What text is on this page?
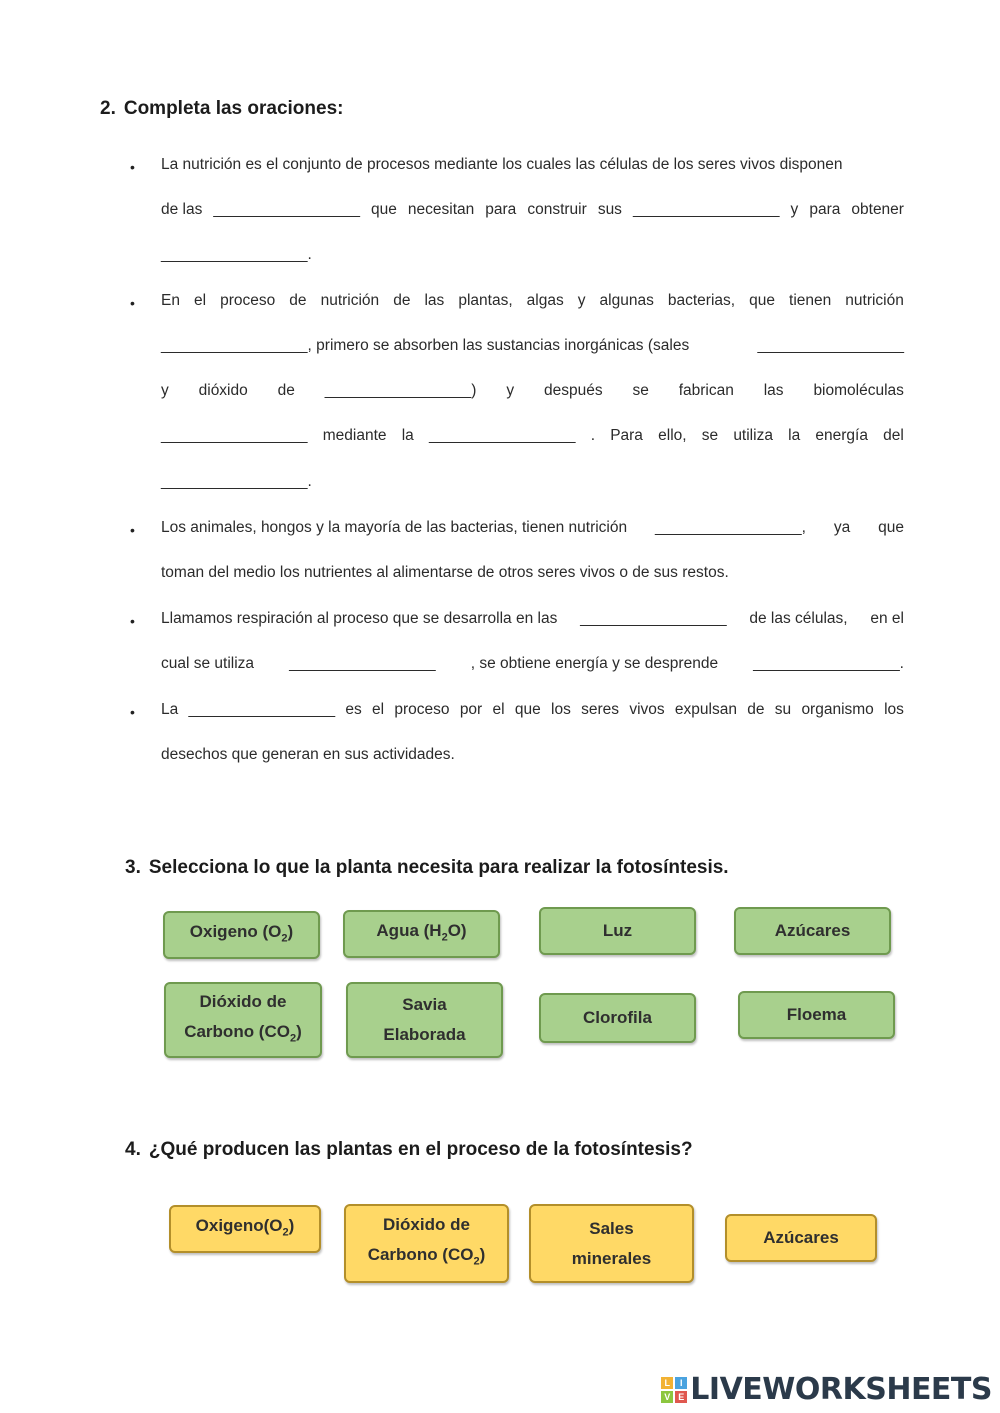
2. Completa las oraciones:
•
•
•
•
•
La nutrición es el conjunto de procesos mediante los cuales las células de los seres vivos disponen
de las _________________ que necesitan para construir sus _________________ y para obtener
_________________.
En el proceso de nutrición de las plantas, algas y algunas bacterias, que tienen nutrición
_________________, primero se absorben las sustancias inorgánicas (sales	_________________
y dióxido de _________________) y después se fabrican las biomoléculas
_________________ mediante la _________________ . Para ello, se utiliza la energía del
_________________.
Los animales, hongos y la mayoría de las bacterias, tienen nutrición _________________, ya que
toman del medio los nutrientes al alimentarse de otros seres vivos o de sus restos.
Llamamos respiración al proceso que se desarrolla en las _________________ de las células, en el
cual se utiliza _________________ , se obtiene energía y se desprende _________________.
La _________________ es el proceso por el que los seres vivos expulsan de su organismo los
desechos que generan en sus actividades.
3. Selecciona lo que la planta necesita para realizar la fotosíntesis.
Oxigeno $(O_2)$	Agua $(H_2O)$	Luz	Azúcares
Dióxido de
Carbono $(CO_2)$
Savia
Elaborada
Clorofila	Floema
4. ¿Qué producen las plantas en el proceso de la fotosíntesis?
$Oxigeno(O_2)$	Dióxido de
Carbono $(CO_2)$
Sales
minerales
Azúcares
L	I
V E LIVEWORKSHEETS
